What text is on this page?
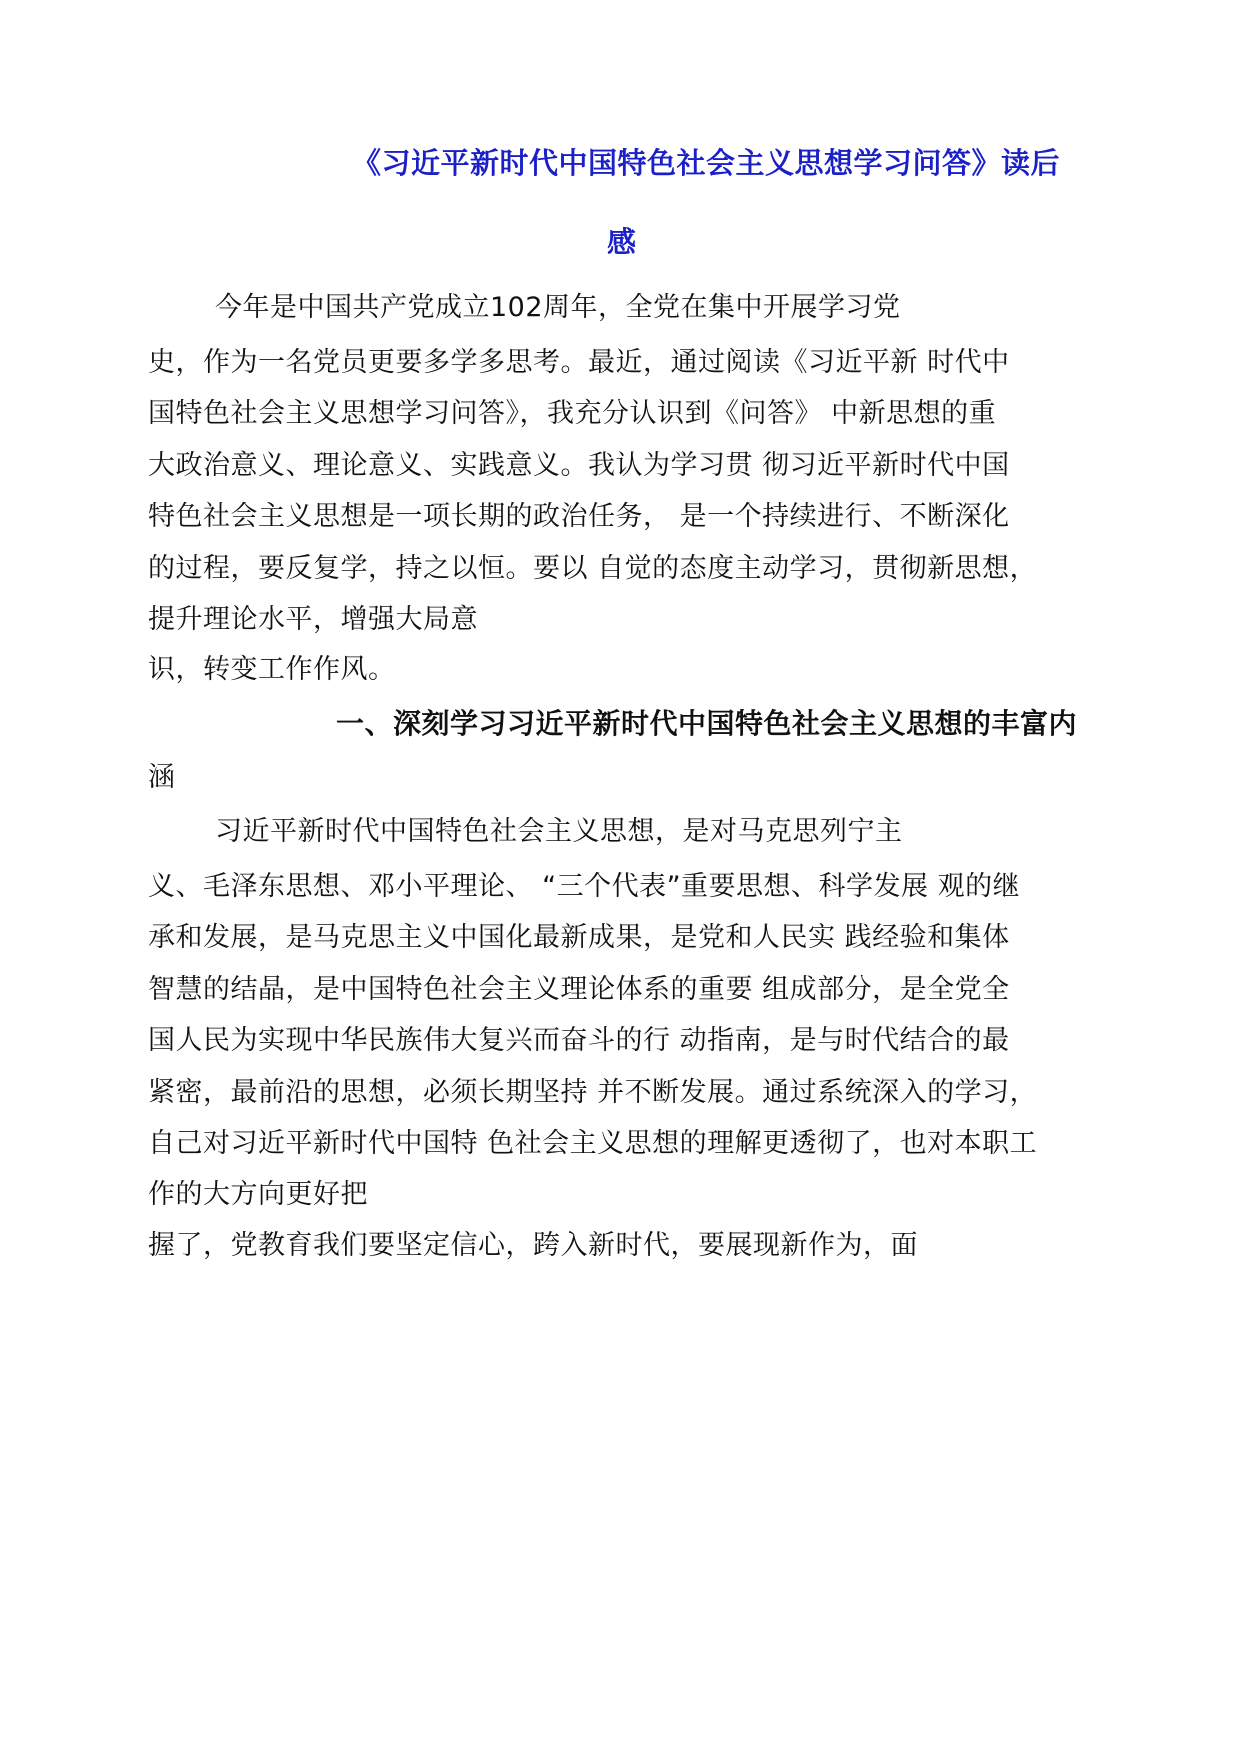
《习近平新时代中国特色社会主义思想学习问答》读后
感
今年是中国共产党成立102周年，全党在集中开展学习党
史，作为一名党员更要多学多思考。最近，通过阅读《习近平新 时代中
国特色社会主义思想学习问答》，我充分认识到《问答》 中新思想的重
大政治意义、理论意义、实践意义。我认为学习贯 彻习近平新时代中国
特色社会主义思想是一项长期的政治任务， 是一个持续进行、不断深化
的过程，要反复学，持之以恒。要以 自觉的态度主动学习，贯彻新思想，
提升理论水平，增强大局意
识，转变工作作风。
一、深刻学习习近平新时代中国特色社会主义思想的丰富内
涵
习近平新时代中国特色社会主义思想，是对马克思列宁主
义、毛泽东思想、邓小平理论、 “三个代表”重要思想、科学发展 观的继
承和发展，是马克思主义中国化最新成果，是党和人民实 践经验和集体
智慧的结晶，是中国特色社会主义理论体系的重要 组成部分，是全党全
国人民为实现中华民族伟大复兴而奋斗的行 动指南，是与时代结合的最
紧密，最前沿的思想，必须长期坚持 并不断发展。通过系统深入的学习，
自己对习近平新时代中国特 色社会主义思想的理解更透彻了，也对本职工
作的大方向更好把
握了，党教育我们要坚定信心，跨入新时代，要展现新作为，面
